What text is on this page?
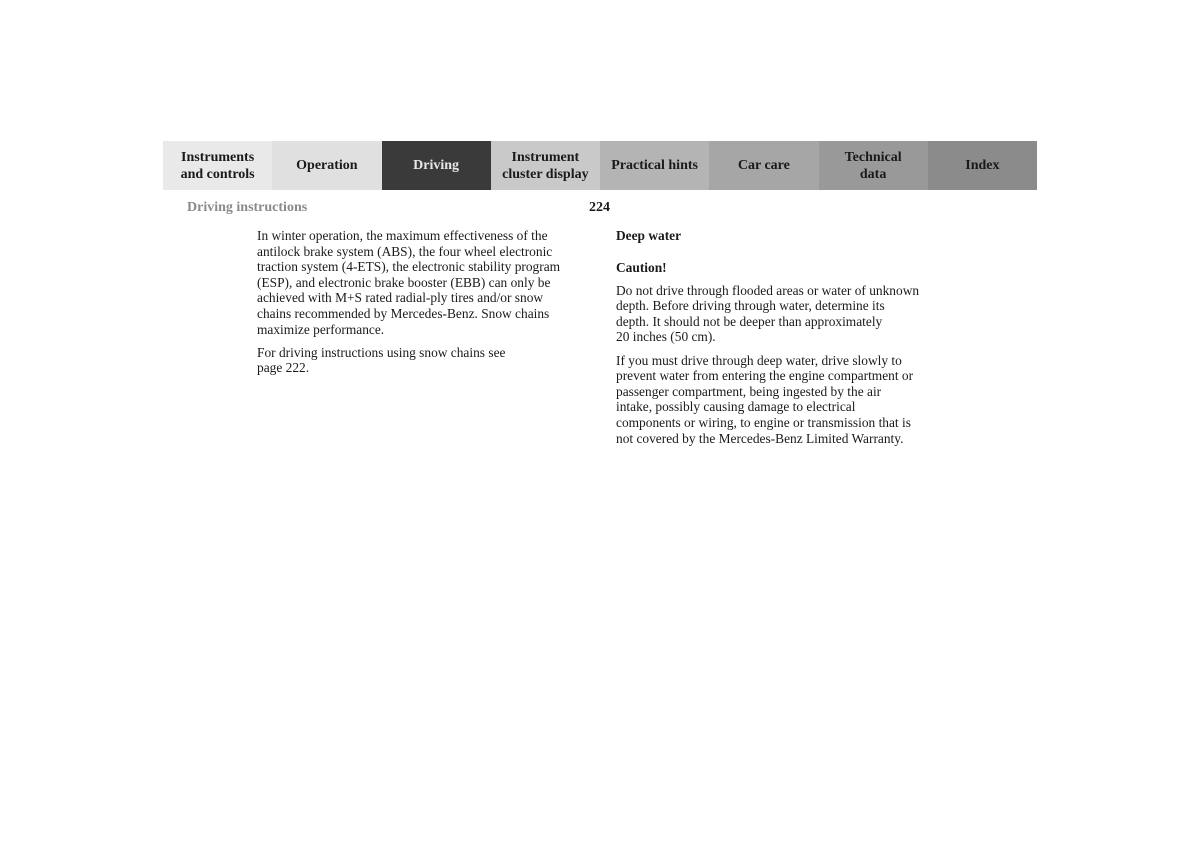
Instruments
and controls
Operation	Driving
Instrument
cluster display
Practical hints	Car care
Technical
data
Index
Driving instructions	224

In winter operation, the maximum effectiveness of the
antilock brake system (ABS), the four wheel electronic
traction system (4-ETS), the electronic stability program
(ESP), and electronic brake booster (EBB) can only be
achieved with M+S rated radial-ply tires and/or snow
chains recommended by Mercedes-Benz. Snow chains
maximize performance.

For driving instructions using snow chains see
page 222.

Deep water
Caution!

Do not drive through flooded areas or water of unknown
depth. Before driving through water, determine its
depth. It should not be deeper than approximately
20 inches (50 cm).

If you must drive through deep water, drive slowly to
prevent water from entering the engine compartment or
passenger compartment, being ingested by the air
intake, possibly causing damage to electrical
components or wiring, to engine or transmission that is
not covered by the Mercedes-Benz Limited Warranty.
